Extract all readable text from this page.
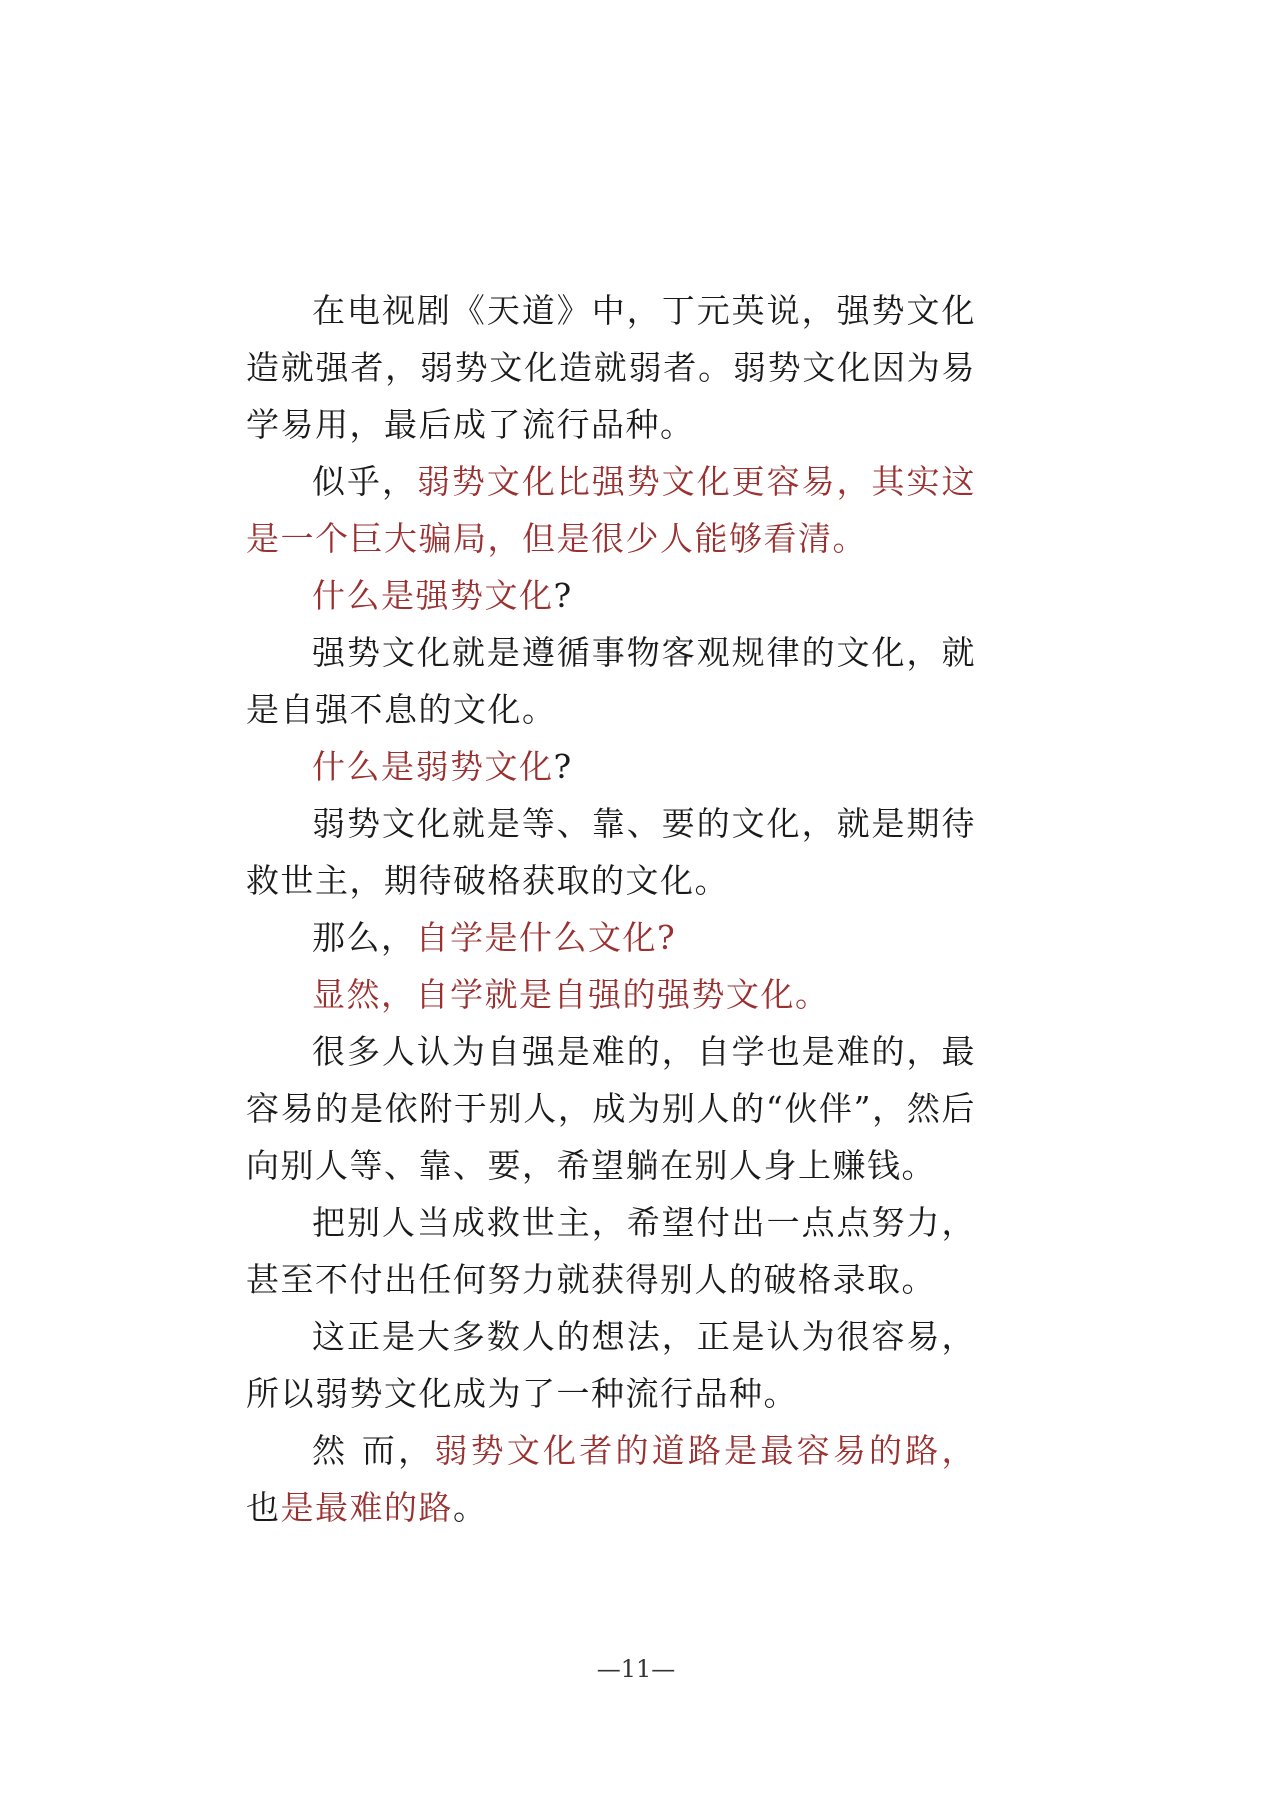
在电视剧《天道》中，丁元英说，强势文化造就强者，弱势文化造就弱者。弱势文化因为易学易用，最后成了流行品种。

似乎，弱势文化比强势文化更容易，其实这是一个巨大骗局，但是很少人能够看清。

什么是强势文化?

强势文化就是遵循事物客观规律的文化，就是自强不息的文化。

什么是弱势文化?

弱势文化就是等、靠、要的文化，就是期待救世主，期待破格获取的文化。

那么，自学是什么文化?

显然，自学就是自强的强势文化。

很多人认为自强是难的，自学也是难的，最容易的是依附于别人，成为别人的“伙伴”，然后向别人等、靠、要，希望躺在别人身上赚钱。

把别人当成救世主，希望付出一点点努力，甚至不付出任何努力就获得别人的破格录取。

这正是大多数人的想法，正是认为很容易，所以弱势文化成为了一种流行品种。

然 而，弱势文化者的道路是最容易的路，也是最难的路。

—11—
